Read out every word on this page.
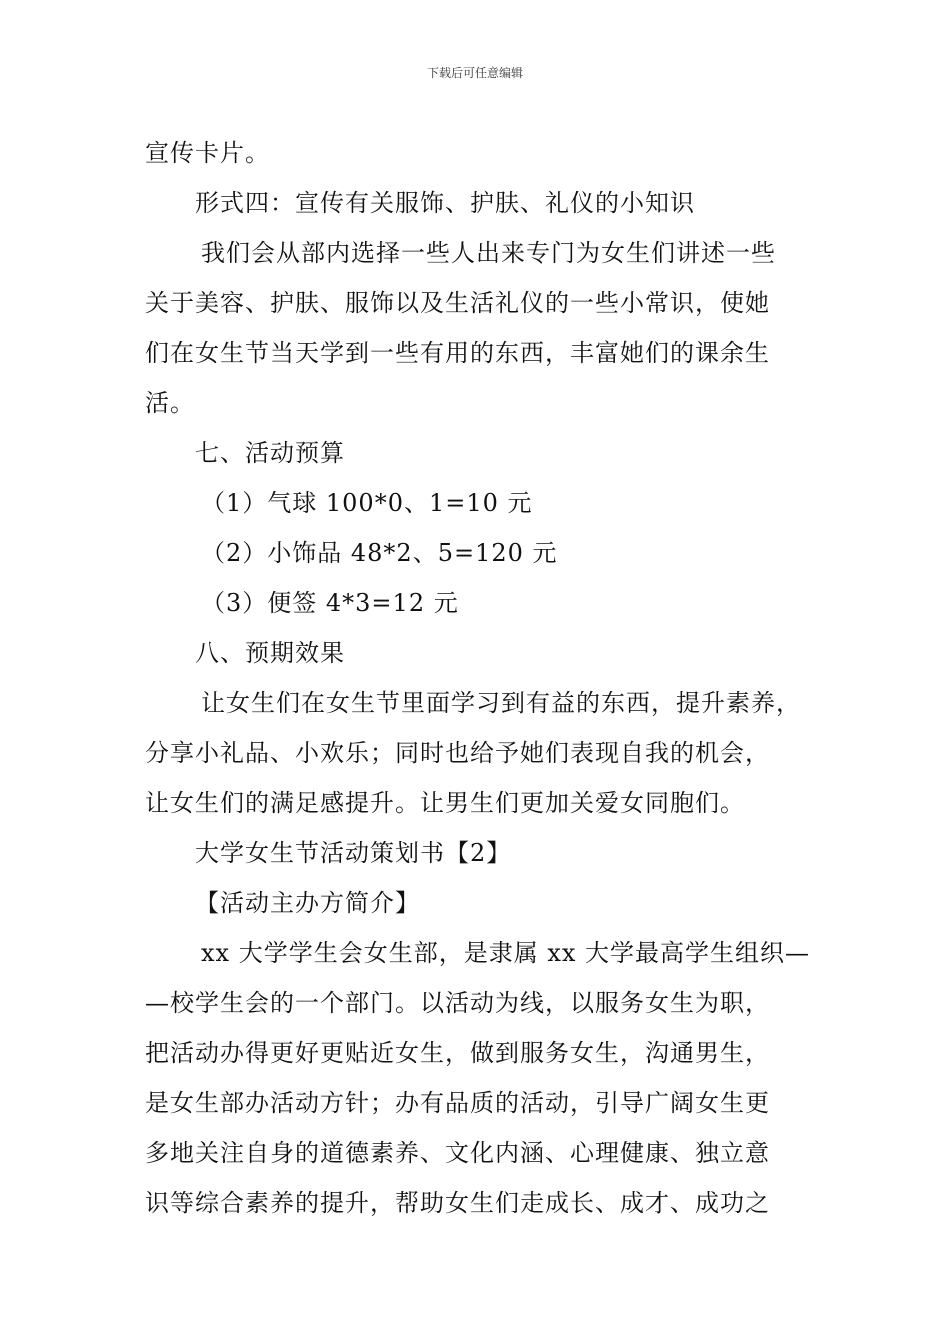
下载后可任意编辑
宣传卡片。
形式四：宣传有关服饰、护肤、礼仪的小知识
我们会从部内选择一些人出来专门为女生们讲述一些
关于美容、护肤、服饰以及生活礼仪的一些小常识，使她
们在女生节当天学到一些有用的东西，丰富她们的课余生
活。
七、活动预算
（1）气球 100*0、1=10 元
（2）小饰品 48*2、5=120 元
（3）便签 4*3=12 元
八、预期效果
让女生们在女生节里面学习到有益的东西，提升素养，
分享小礼品、小欢乐；同时也给予她们表现自我的机会，
让女生们的满足感提升。让男生们更加关爱女同胞们。
大学女生节活动策划书【2】
【活动主办方简介】
xx 大学学生会女生部，是隶属 xx 大学最高学生组织—
—校学生会的一个部门。以活动为线，以服务女生为职，
把活动办得更好更贴近女生，做到服务女生，沟通男生，
是女生部办活动方针；办有品质的活动，引导广阔女生更
多地关注自身的道德素养、文化内涵、心理健康、独立意
识等综合素养的提升，帮助女生们走成长、成才、成功之
